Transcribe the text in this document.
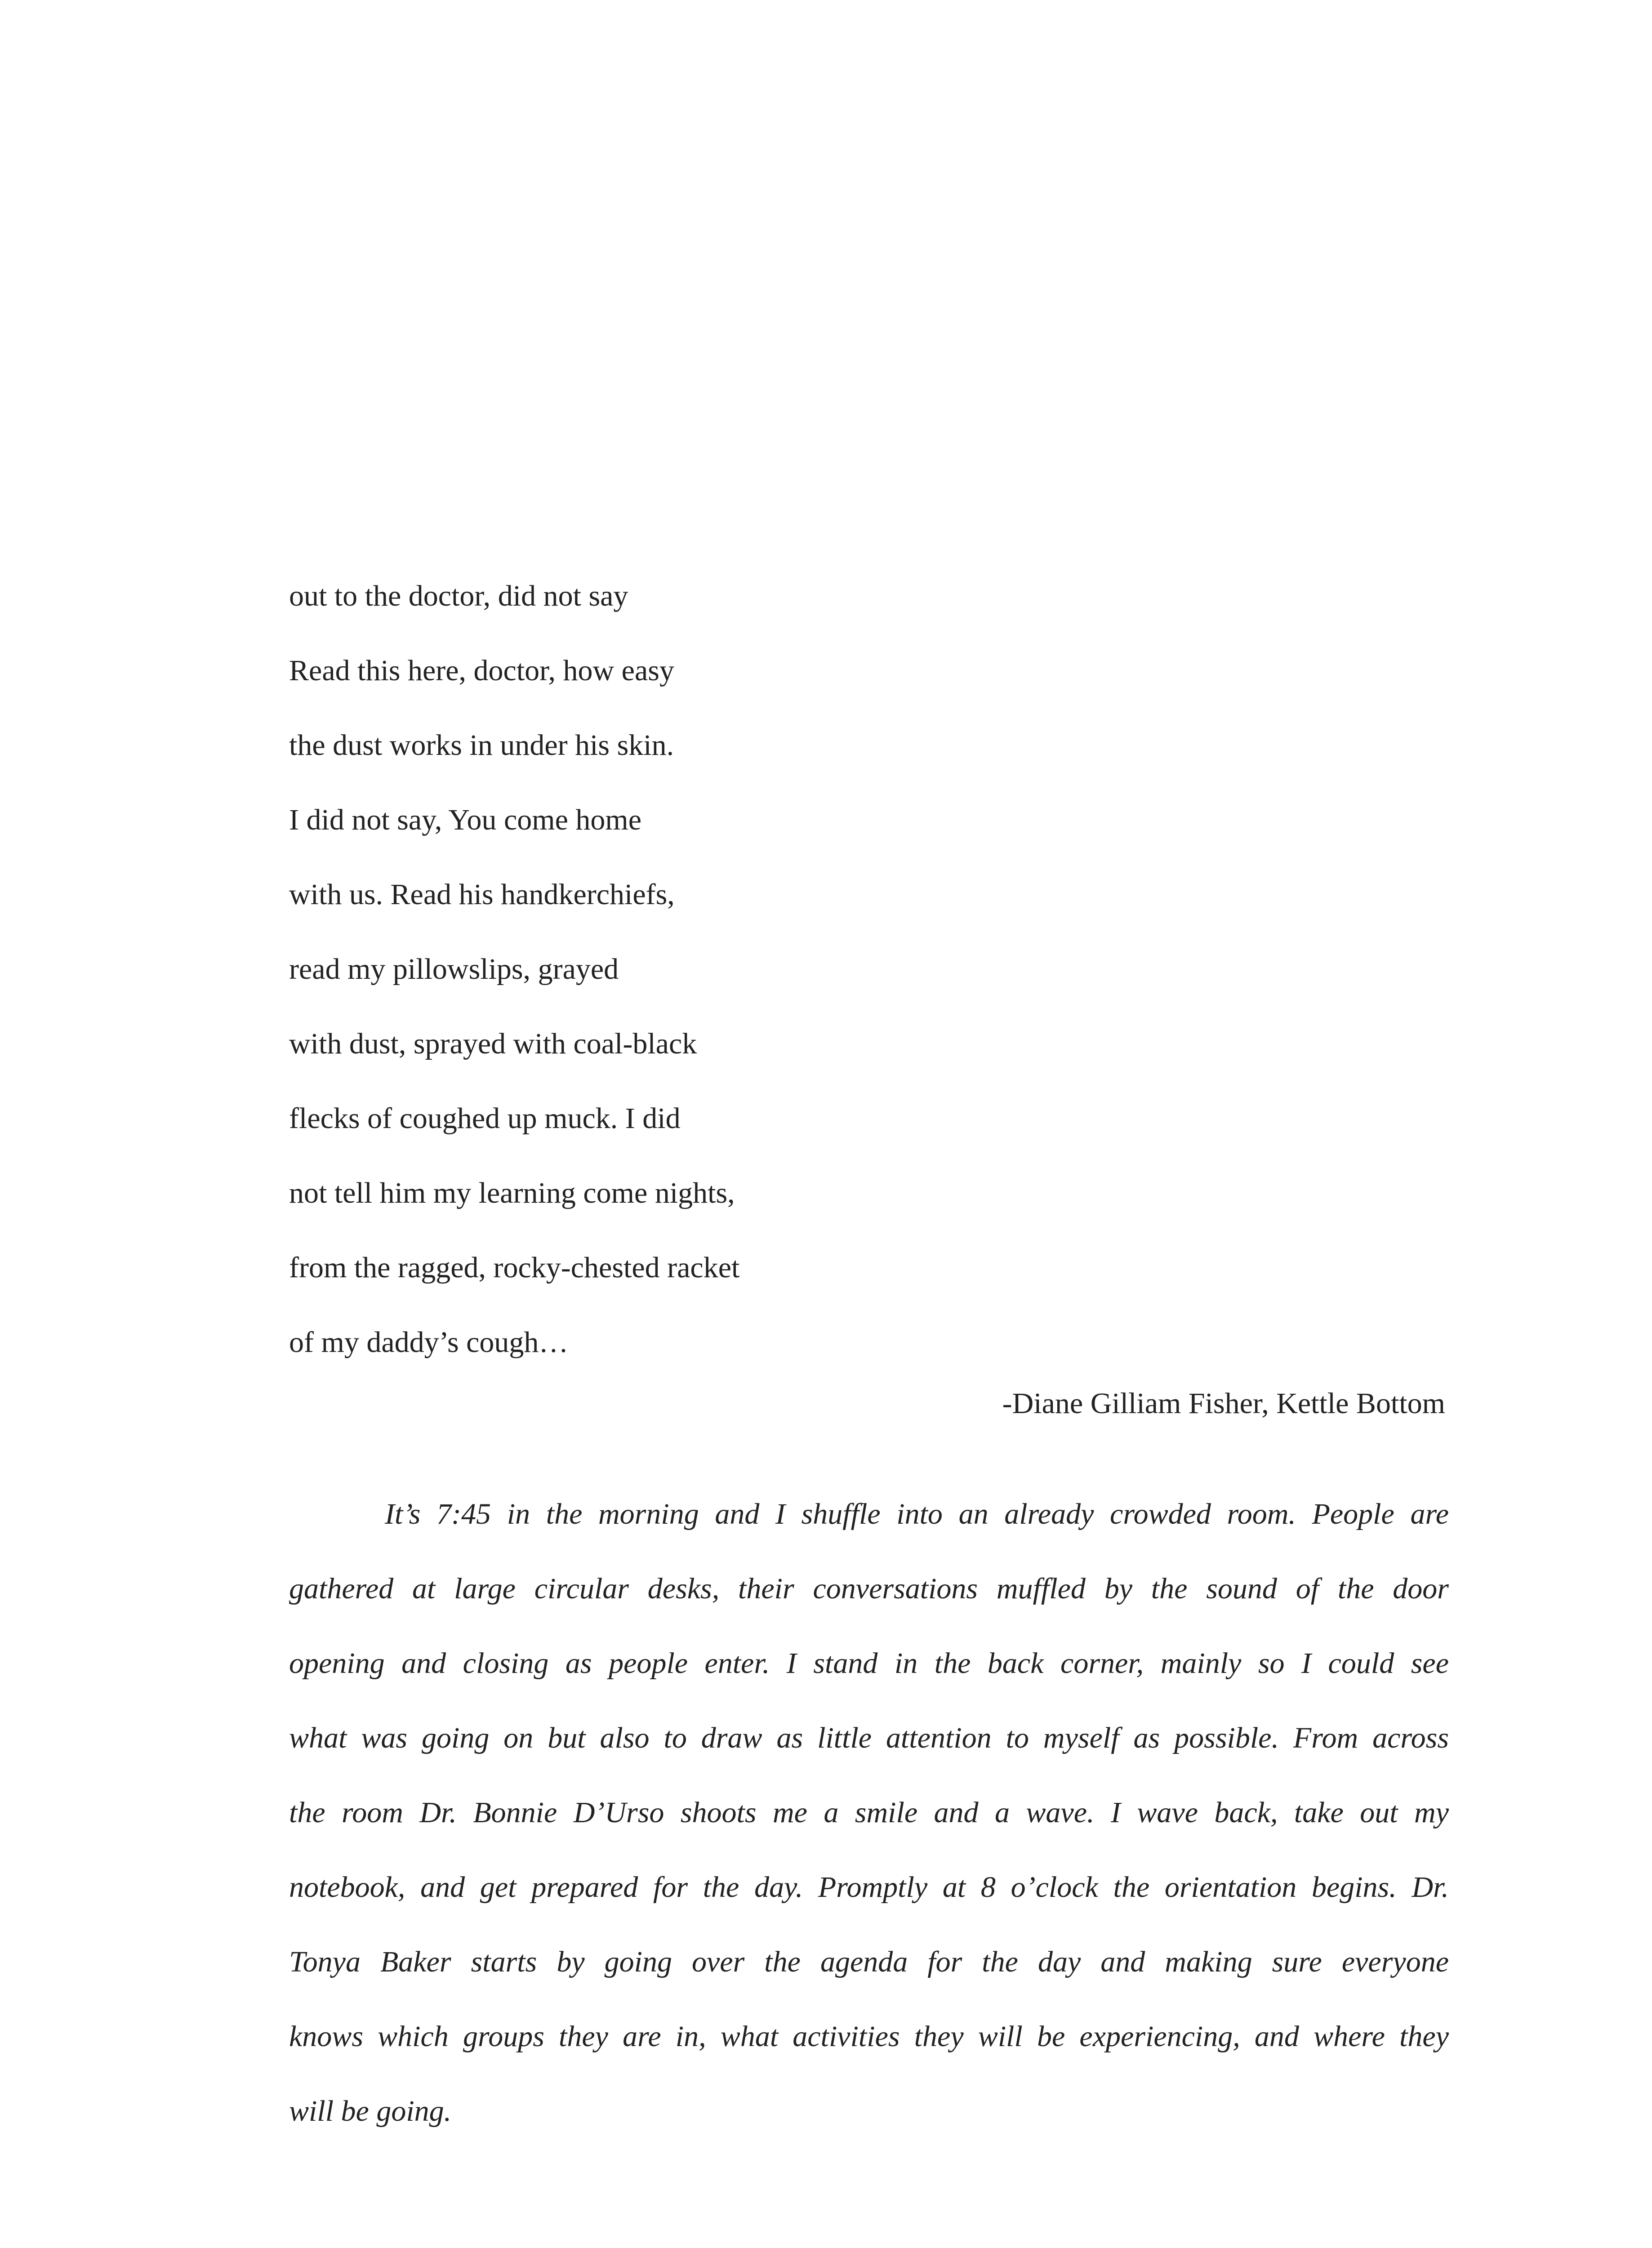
out to the doctor, did not say
Read this here, doctor, how easy
the dust works in under his skin.
I did not say, You come home
with us. Read his handkerchiefs,
read my pillowslips, grayed
with dust, sprayed with coal-black
flecks of coughed up muck. I did
not tell him my learning come nights,
from the ragged, rocky-chested racket
of my daddy’s cough…
-Diane Gilliam Fisher, Kettle Bottom
It’s 7:45 in the morning and I shuffle into an already crowded room. People are
gathered at large circular desks, their conversations muffled by the sound of the door
opening and closing as people enter. I stand in the back corner, mainly so I could see
what was going on but also to draw as little attention to myself as possible. From across
the room Dr. Bonnie D’Urso shoots me a smile and a wave. I wave back, take out my
notebook, and get prepared for the day. Promptly at 8 o’clock the orientation begins. Dr.
Tonya Baker starts by going over the agenda for the day and making sure everyone
knows which groups they are in, what activities they will be experiencing, and where they
will be going.
